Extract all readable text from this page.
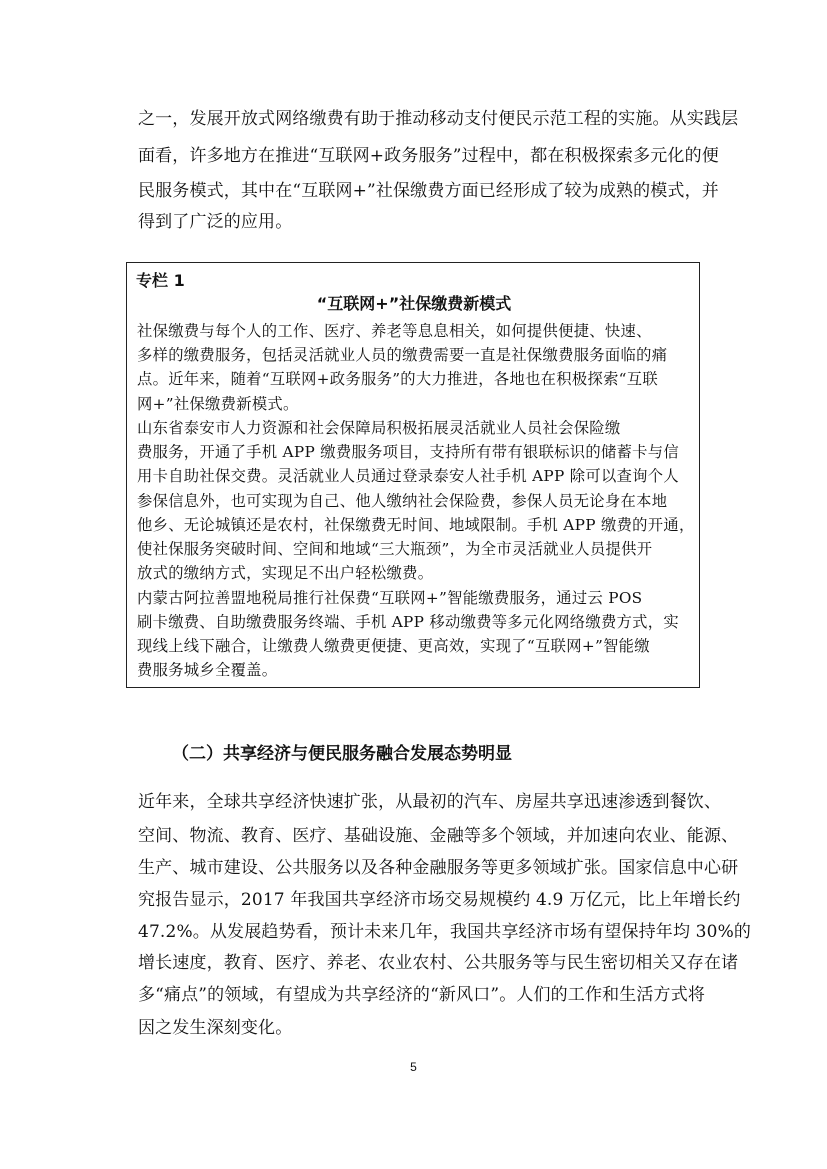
之一，发展开放式网络缴费有助于推动移动支付便民示范工程的实施。从实践层
面看，许多地方在推进“互联网+政务服务”过程中，都在积极探索多元化的便
民服务模式，其中在“互联网+”社保缴费方面已经形成了较为成熟的模式，并
得到了广泛的应用。
专栏 1
“互联网+”社保缴费新模式
社保缴费与每个人的工作、医疗、养老等息息相关，如何提供便捷、快速、
多样的缴费服务，包括灵活就业人员的缴费需要一直是社保缴费服务面临的痛
点。近年来，随着“互联网+政务服务”的大力推进，各地也在积极探索“互联
网+”社保缴费新模式。
山东省泰安市人力资源和社会保障局积极拓展灵活就业人员社会保险缴
费服务，开通了手机 APP 缴费服务项目，支持所有带有银联标识的储蓄卡与信
用卡自助社保交费。灵活就业人员通过登录泰安人社手机 APP 除可以查询个人
参保信息外，也可实现为自己、他人缴纳社会保险费，参保人员无论身在本地
他乡、无论城镇还是农村，社保缴费无时间、地域限制。手机 APP 缴费的开通，
使社保服务突破时间、空间和地域“三大瓶颈”，为全市灵活就业人员提供开
放式的缴纳方式，实现足不出户轻松缴费。
内蒙古阿拉善盟地税局推行社保费“互联网+”智能缴费服务，通过云 POS
刷卡缴费、自助缴费服务终端、手机 APP 移动缴费等多元化网络缴费方式，实
现线上线下融合，让缴费人缴费更便捷、更高效，实现了“互联网+”智能缴
费服务城乡全覆盖。
（二）共享经济与便民服务融合发展态势明显
近年来，全球共享经济快速扩张，从最初的汽车、房屋共享迅速渗透到餐饮、
空间、物流、教育、医疗、基础设施、金融等多个领域，并加速向农业、能源、
生产、城市建设、公共服务以及各种金融服务等更多领域扩张。国家信息中心研
究报告显示，2017 年我国共享经济市场交易规模约 4.9 万亿元，比上年增长约
47.2%。从发展趋势看，预计未来几年，我国共享经济市场有望保持年均 30%的
增长速度，教育、医疗、养老、农业农村、公共服务等与民生密切相关又存在诸
多“痛点”的领域，有望成为共享经济的“新风口”。人们的工作和生活方式将
因之发生深刻变化。
5
